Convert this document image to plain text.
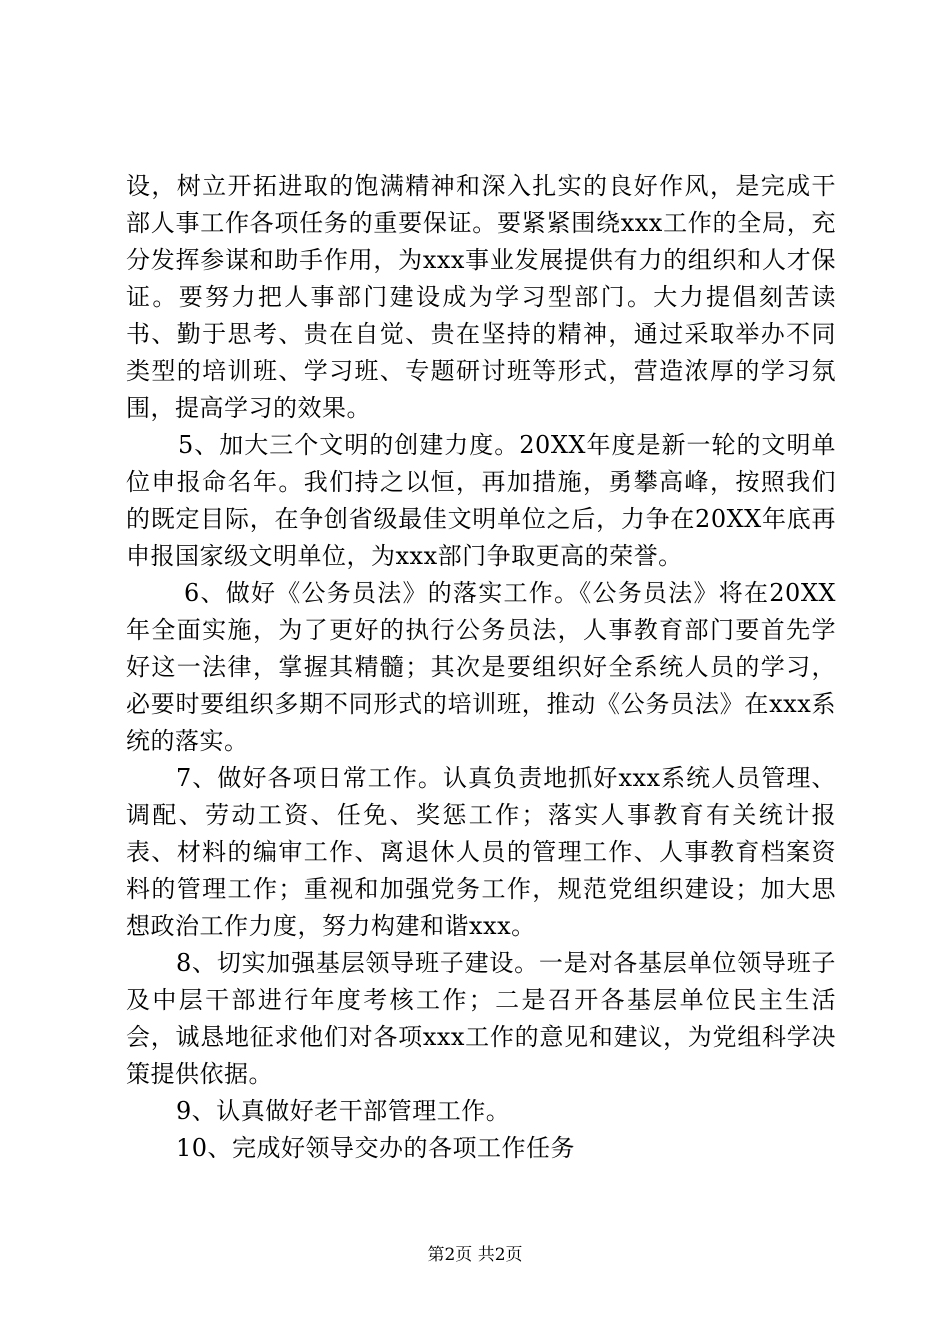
设，树立开拓进取的饱满精神和深入扎实的良好作风，是完成干部人事工作各项任务的重要保证。要紧紧围绕xxx工作的全局，充分发挥参谋和助手作用，为xxx事业发展提供有力的组织和人才保证。要努力把人事部门建设成为学习型部门。大力提倡刻苦读书、勤于思考、贵在自觉、贵在坚持的精神，通过采取举办不同类型的培训班、学习班、专题研讨班等形式，营造浓厚的学习氛围，提高学习的效果。

5、加大三个文明的创建力度。20XX年度是新一轮的文明单位申报命名年。我们持之以恒，再加措施，勇攀高峰，按照我们的既定目际，在争创省级最佳文明单位之后，力争在20XX年底再申报国家级文明单位，为xxx部门争取更高的荣誉。

6、做好《公务员法》的落实工作。《公务员法》将在20XX年全面实施，为了更好的执行公务员法，人事教育部门要首先学好这一法律，掌握其精髓；其次是要组织好全系统人员的学习，必要时要组织多期不同形式的培训班，推动《公务员法》在xxx系统的落实。

7、做好各项日常工作。认真负责地抓好xxx系统人员管理、调配、劳动工资、任免、奖惩工作；落实人事教育有关统计报表、材料的编审工作、离退休人员的管理工作、人事教育档案资料的管理工作；重视和加强党务工作，规范党组织建设；加大思想政治工作力度，努力构建和谐xxx。

8、切实加强基层领导班子建设。一是对各基层单位领导班子及中层干部进行年度考核工作；二是召开各基层单位民主生活会，诚恳地征求他们对各项xxx工作的意见和建议，为党组科学决策提供依据。

9、认真做好老干部管理工作。

10、完成好领导交办的各项工作任务

第2页 共2页
